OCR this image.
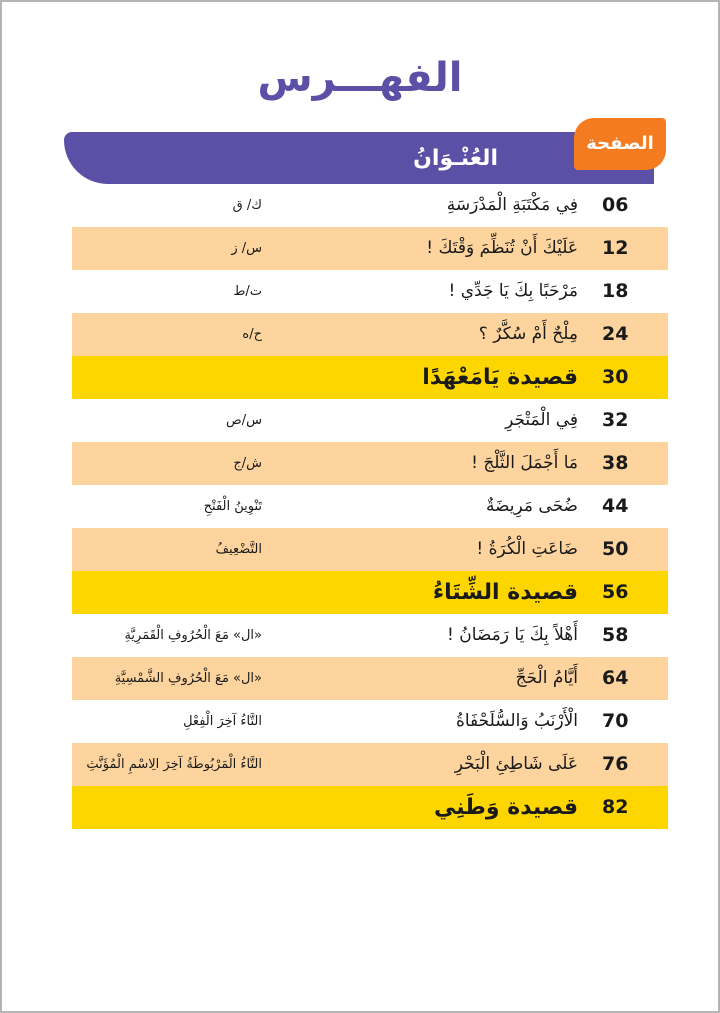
الفهـــرس
العُنْـوَانُ
الصفحة
06
فِي مَكْتَبَةِ الْمَدْرَسَةِ
ك/ ق
12
عَلَيْكَ أَنْ تُنَظِّمَ وَقْتَكَ !
س/ ز
18
مَرْحَبًا بِكَ يَا جَدِّي !
ت/ط
24
مِلْحٌ أَمْ سُكَّرٌ ؟
ح/ه
30
قصيدة يَامَعْهَدًا
32
فِي الْمَتْجَرِ
س/ص
38
مَا أَجْمَلَ الثَّلْجَ !
ش/ج
44
ضُحَى مَرِيضَةٌ
تَنْوِينُ الْفَتْحِ
50
ضَاعَتِ الْكُرَةُ !
التَّضْعِيفُ
56
قصيدة الشِّتَاءُ
58
أَهْلاً بِكَ يَا رَمَضَانُ !
«ال» مَعَ الْحُرُوفِ الْقَمَرِيَّةِ
64
أَيَّامُ الْحَجِّ
«ال» مَعَ الْحُرُوفِ الشَّمْسِيَّةِ
70
الْأَرْنَبُ وَالسُّلَحْفَاةُ
التَّاءُ آخِرَ الْفِعْلِ
76
عَلَى شَاطِئِ الْبَحْرِ
التَّاءُ الْمَرْبُوطَةُ آخِرَ الِاسْمِ الْمُؤَنَّثِ
82
قصيدة وَطَنِي
